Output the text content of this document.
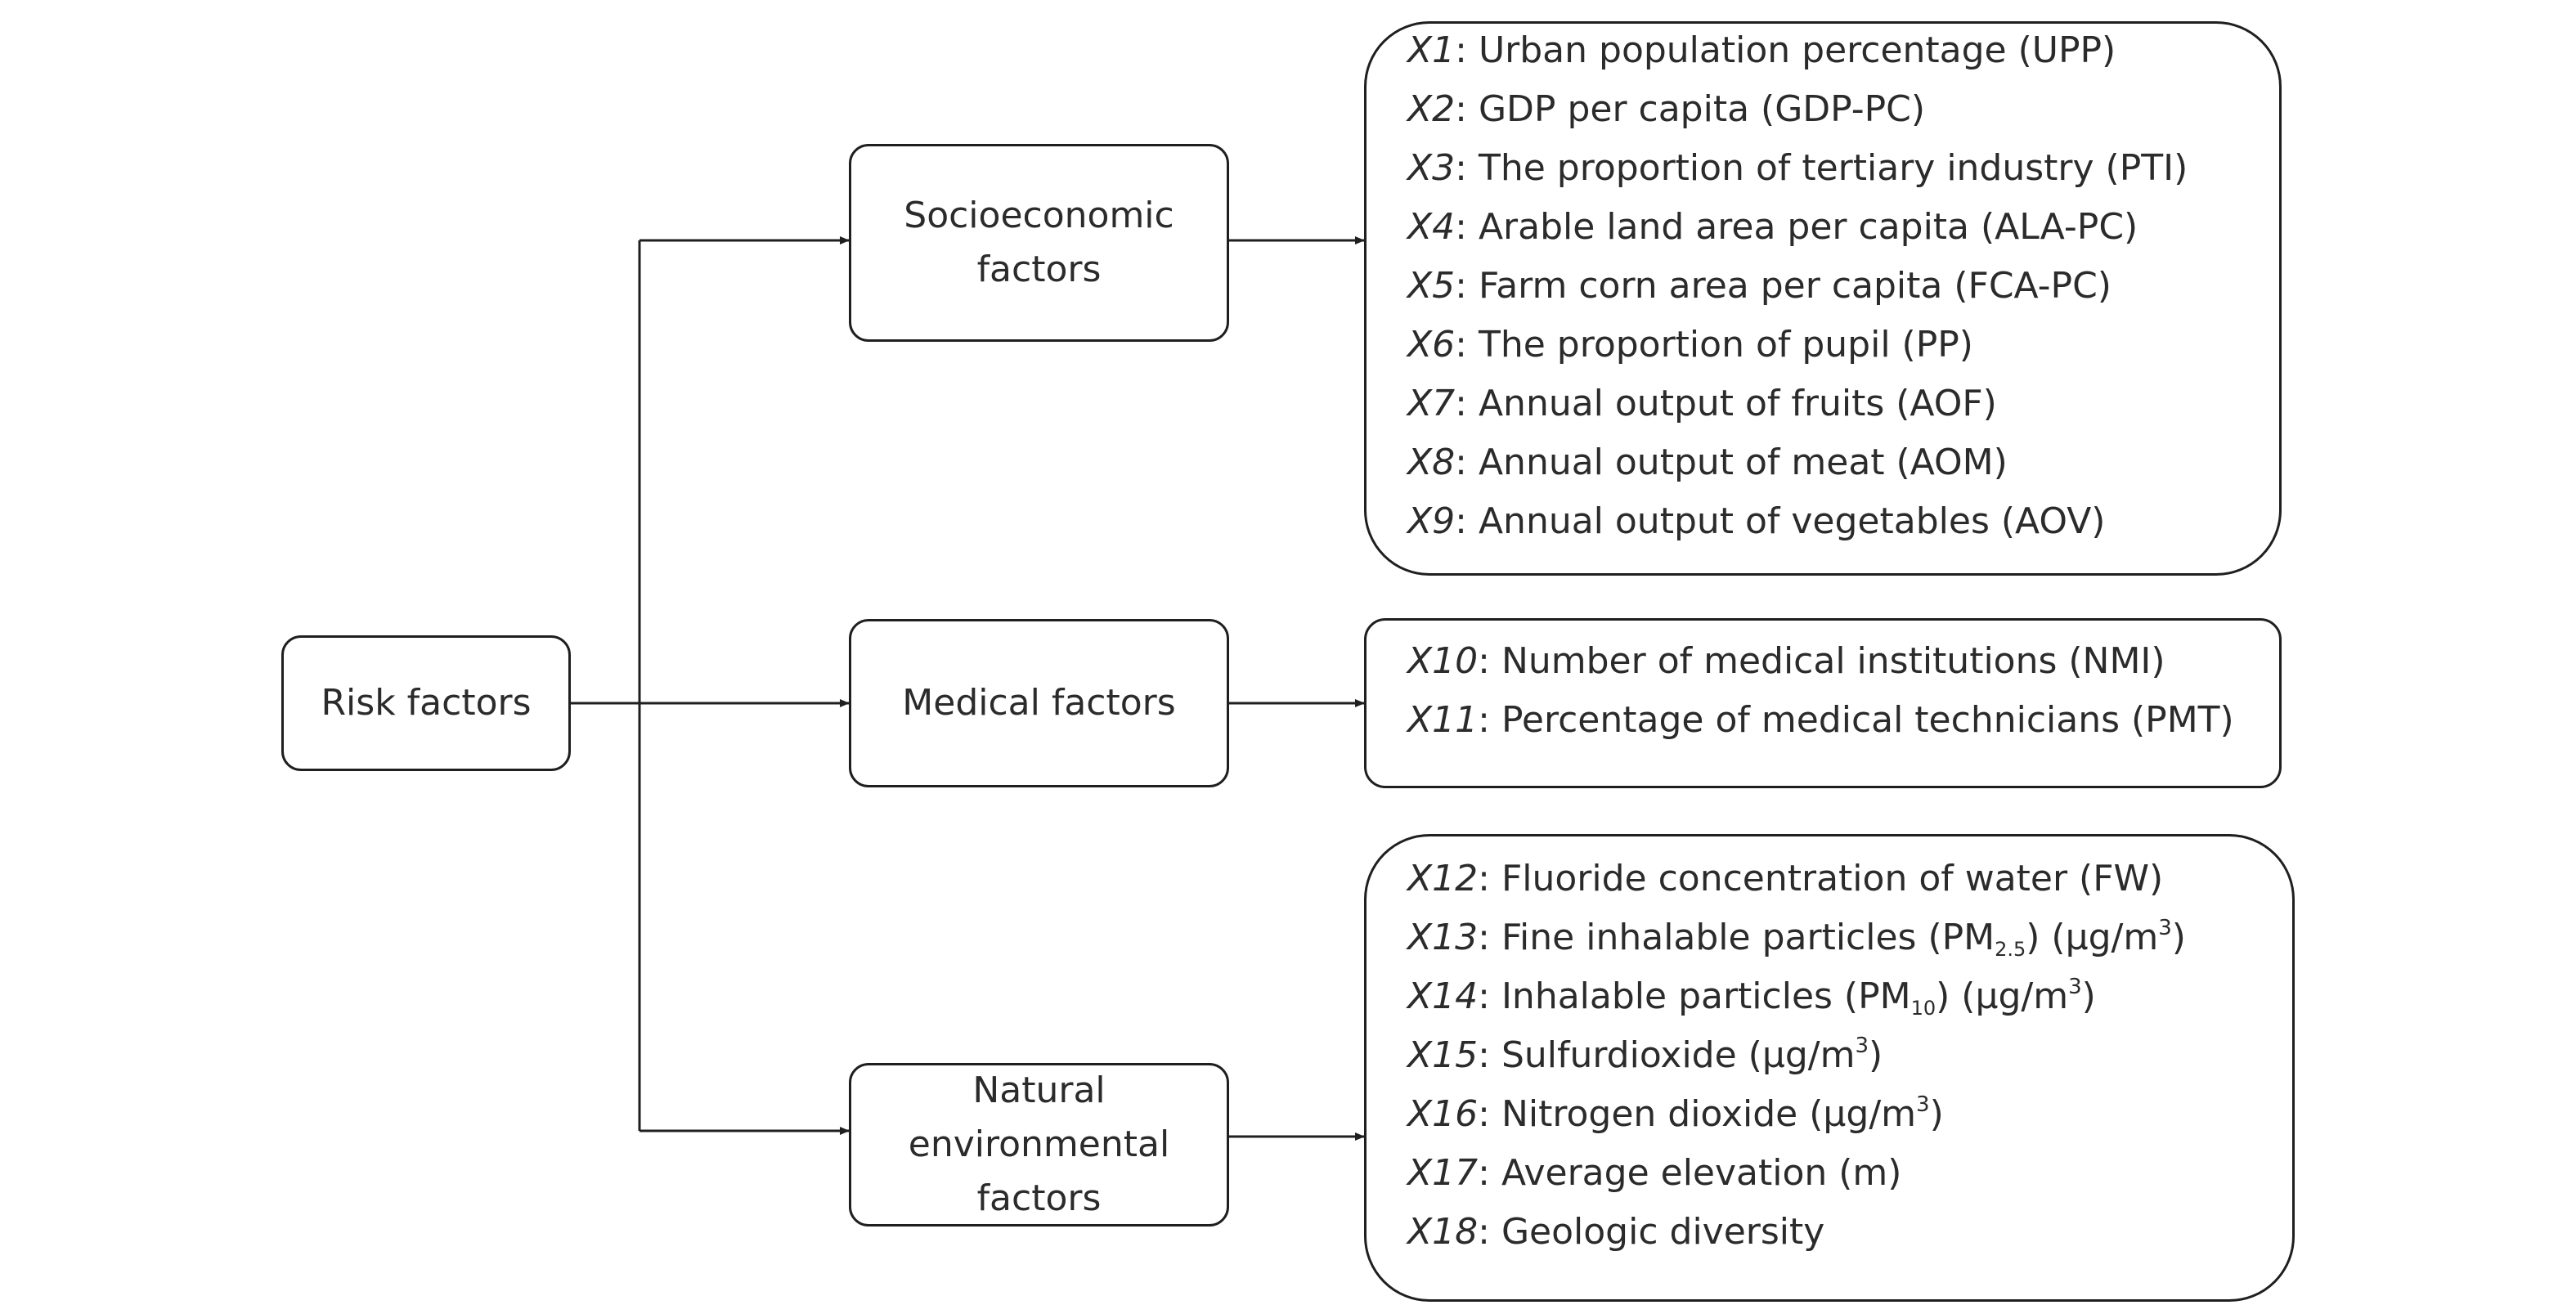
Risk factors
Socioeconomic
factors
Medical factors
Natural
environmental
factors
X1: Urban population percentage (UPP)
X2: GDP per capita (GDP-PC)
X3: The proportion of tertiary industry (PTI)
X4: Arable land area per capita (ALA-PC)
X5: Farm corn area per capita (FCA-PC)
X6: The proportion of pupil (PP)
X7: Annual output of fruits (AOF)
X8: Annual output of meat (AOM)
X9: Annual output of vegetables (AOV)
X10: Number of medical institutions (NMI)
X11: Percentage of medical technicians (PMT)
X12: Fluoride concentration of water (FW)
X13: Fine inhalable particles $(PM_{2.5})$ $(\mu g/m^3)$
X14: Inhalable particles $(PM_{10})$ $(\mu g/m^3)$
X15: Sulfurdioxide $(\mu g/m^3)$
X16: Nitrogen dioxide $(\mu g/m^3)$
X17: Average elevation (m)
X18: Geologic diversity
